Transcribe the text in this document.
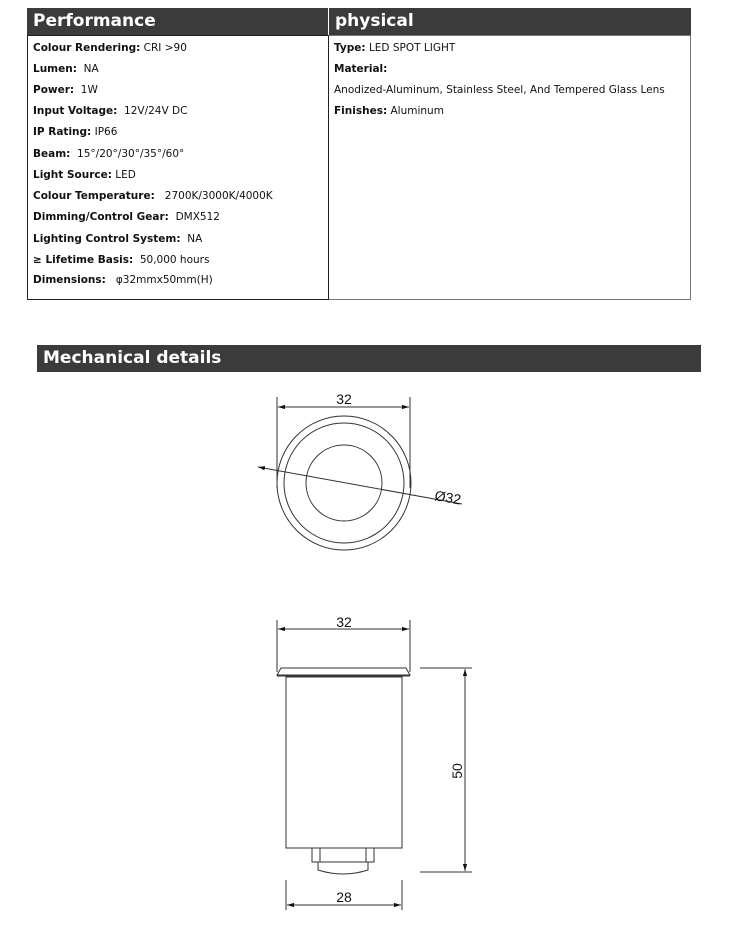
Performance	physical
Colour Rendering: CRI >90
Lumen: NA
Power: 1W
Input Voltage: 12V/24V DC
IP Rating: IP66
Beam: 15°/20°/30°/35°/60°
Light Source: LED
Colour Temperature: 2700K/3000K/4000K
Dimming/Control Gear: DMX512
Lighting Control System: NA
≥ Lifetime Basis: 50,000 hours
Dimensions: φ32mmx50mm(H)
Type: LED SPOT LIGHT
Material:
Anodized-Aluminum, Stainless Steel, And Tempered Glass Lens
Finishes: Aluminum
Mechanical details
32
Ø32
32
50
28
